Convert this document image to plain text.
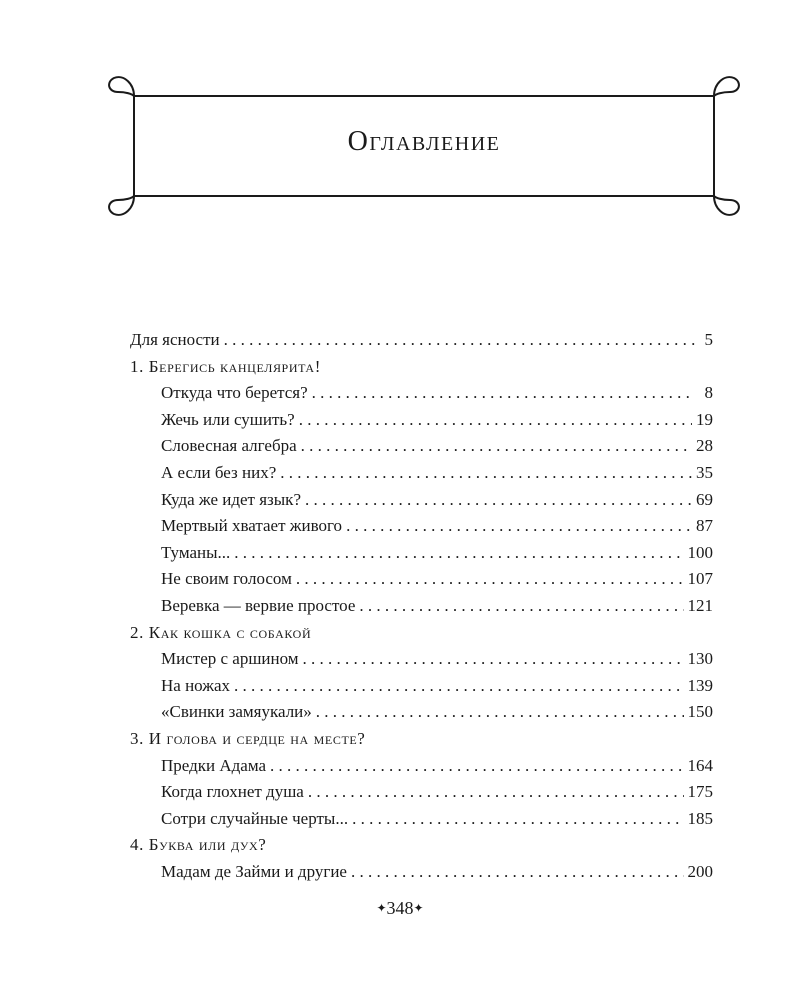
Оглавление
Для ясности . . .	5
1. Берегись канцелярита!
Откуда что берется? . . .	8
Жечь или сушить? . . .	19
Словесная алгебра . . .	28
А если без них? . . .	35
Куда же идет язык? . . .	69
Мертвый хватает живого . . .	87
Туманы... . . .	100
Не своим голосом . . .	107
Веревка — вервие простое . . .	121
2. Как кошка с собакой
Мистер с аршином . . .	130
На ножах . . .	139
«Свинки замяукали» . . .	150
3. И голова и сердце на месте?
Предки Адама . . .	164
Когда глохнет душа . . .	175
Сотри случайные черты... . . .	185
4. Буква или дух?
Мадам де Займи и другие . . .	200
✦348✦
